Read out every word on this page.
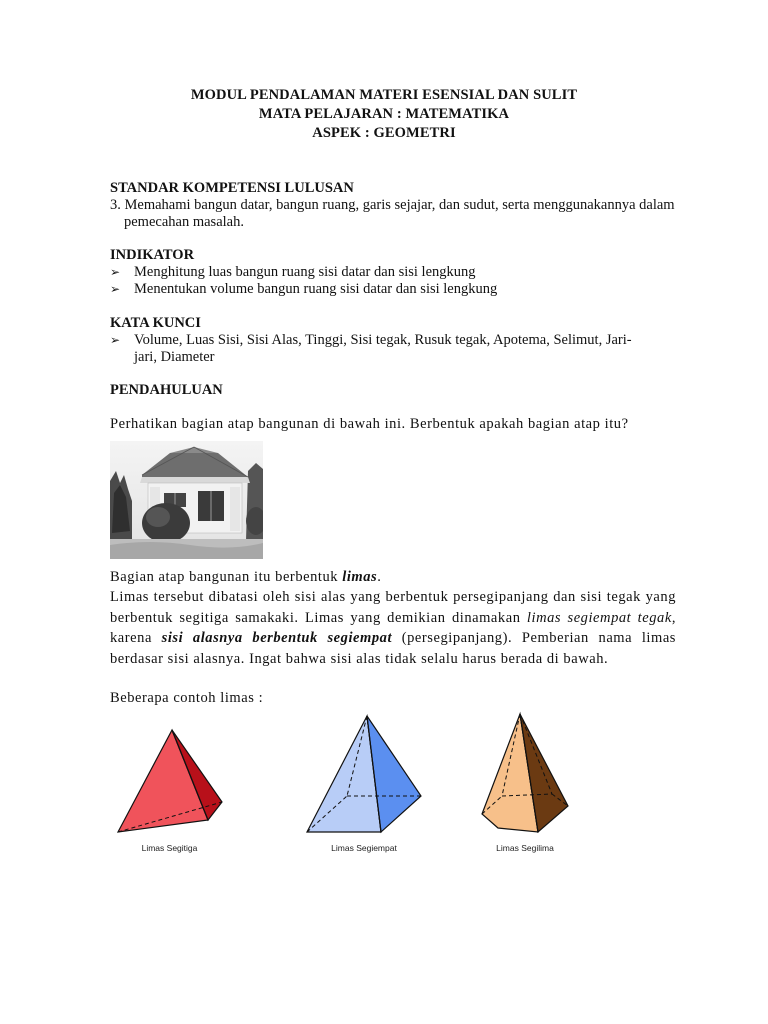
MODUL PENDALAMAN MATERI ESENSIAL DAN SULIT
MATA PELAJARAN : MATEMATIKA
ASPEK : GEOMETRI
STANDAR KOMPETENSI LULUSAN
3. Memahami bangun datar, bangun ruang, garis sejajar, dan sudut, serta menggunakannya dalam pemecahan masalah.
INDIKATOR
➢ Menghitung luas bangun ruang sisi datar dan sisi lengkung
➢ Menentukan volume bangun ruang sisi datar dan sisi lengkung
KATA KUNCI
➢ Volume, Luas Sisi, Sisi Alas, Tinggi, Sisi tegak, Rusuk tegak, Apotema, Selimut, Jari-
jari, Diameter
PENDAHULUAN
Perhatikan bagian atap bangunan di bawah ini. Berbentuk apakah bagian atap itu?
Bagian atap bangunan itu berbentuk limas.
Limas tersebut dibatasi oleh sisi alas yang berbentuk persegipanjang dan sisi tegak yang berbentuk segitiga samakaki. Limas yang demikian dinamakan limas segiempat tegak, karena sisi alasnya berbentuk segiempat (persegipanjang). Pemberian nama limas berdasar sisi alasnya. Ingat bahwa sisi alas tidak selalu harus berada di bawah.
Beberapa contoh limas :
Limas Segitiga	Limas Segiempat	Limas Segilima
